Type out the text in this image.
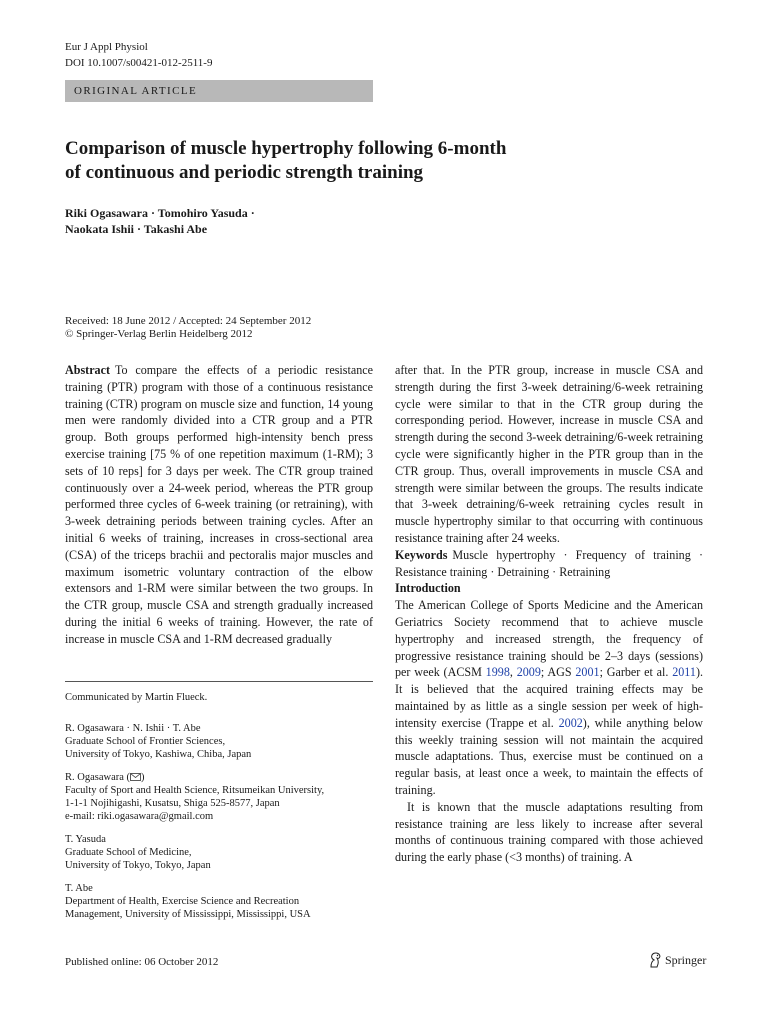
Eur J Appl Physiol
DOI 10.1007/s00421-012-2511-9
ORIGINAL ARTICLE
Comparison of muscle hypertrophy following 6-month
of continuous and periodic strength training
Riki Ogasawara · Tomohiro Yasuda ·
Naokata Ishii · Takashi Abe
Received: 18 June 2012 / Accepted: 24 September 2012
© Springer-Verlag Berlin Heidelberg 2012

Abstract To compare the effects of a periodic resistance training (PTR) program with those of a continuous resistance training (CTR) program on muscle size and function, 14 young men were randomly divided into a CTR group and a PTR group. Both groups performed high-intensity bench press exercise training [75 % of one repetition maximum (1-RM); 3 sets of 10 reps] for 3 days per week. The CTR group trained continuously over a 24-week period, whereas the PTR group performed three cycles of 6-week training (or retraining), with 3-week detraining periods between training cycles. After an initial 6 weeks of training, increases in cross-sectional area (CSA) of the triceps brachii and pectoralis major muscles and maximum isometric voluntary contraction of the elbow extensors and 1-RM were similar between the two groups. In the CTR group, muscle CSA and strength gradually increased during the initial 6 weeks of training. However, the rate of increase in muscle CSA and 1-RM decreased gradually

Communicated by Martin Flueck.
R. Ogasawara · N. Ishii · T. Abe
Graduate School of Frontier Sciences,
University of Tokyo, Kashiwa, Chiba, Japan
R. Ogasawara ( )
Faculty of Sport and Health Science, Ritsumeikan University,
1-1-1 Nojihigashi, Kusatsu, Shiga 525-8577, Japan
e-mail: riki.ogasawara@gmail.com
T. Yasuda
Graduate School of Medicine,
University of Tokyo, Tokyo, Japan
T. Abe
Department of Health, Exercise Science and Recreation
Management, University of Mississippi, Mississippi, USA

after that. In the PTR group, increase in muscle CSA and strength during the first 3-week detraining/6-week retraining cycle were similar to that in the CTR group during the corresponding period. However, increase in muscle CSA and strength during the second 3-week detraining/6-week retraining cycle were significantly higher in the PTR group than in the CTR group. Thus, overall improvements in muscle CSA and strength were similar between the groups. The results indicate that 3-week detraining/6-week retraining cycles result in muscle hypertrophy similar to that occurring with continuous resistance training after 24 weeks.

Keywords Muscle hypertrophy · Frequency of training · Resistance training · Detraining · Retraining

Introduction

The American College of Sports Medicine and the American Geriatrics Society recommend that to achieve muscle hypertrophy and increased strength, the frequency of progressive resistance training should be 2–3 days (sessions) per week (ACSM 1998, 2009; AGS 2001; Garber et al. 2011). It is believed that the acquired training effects may be maintained by as little as a single session per week of high-intensity exercise (Trappe et al. 2002), while anything below this weekly training session will not maintain the acquired muscle adaptations. Thus, exercise must be continued on a regular basis, at least once a week, to maintain the effects of training.

It is known that the muscle adaptations resulting from resistance training are less likely to increase after several months of continuous training compared with those achieved during the early phase (<3 months) of training. A

Published online: 06 October 2012	Springer
